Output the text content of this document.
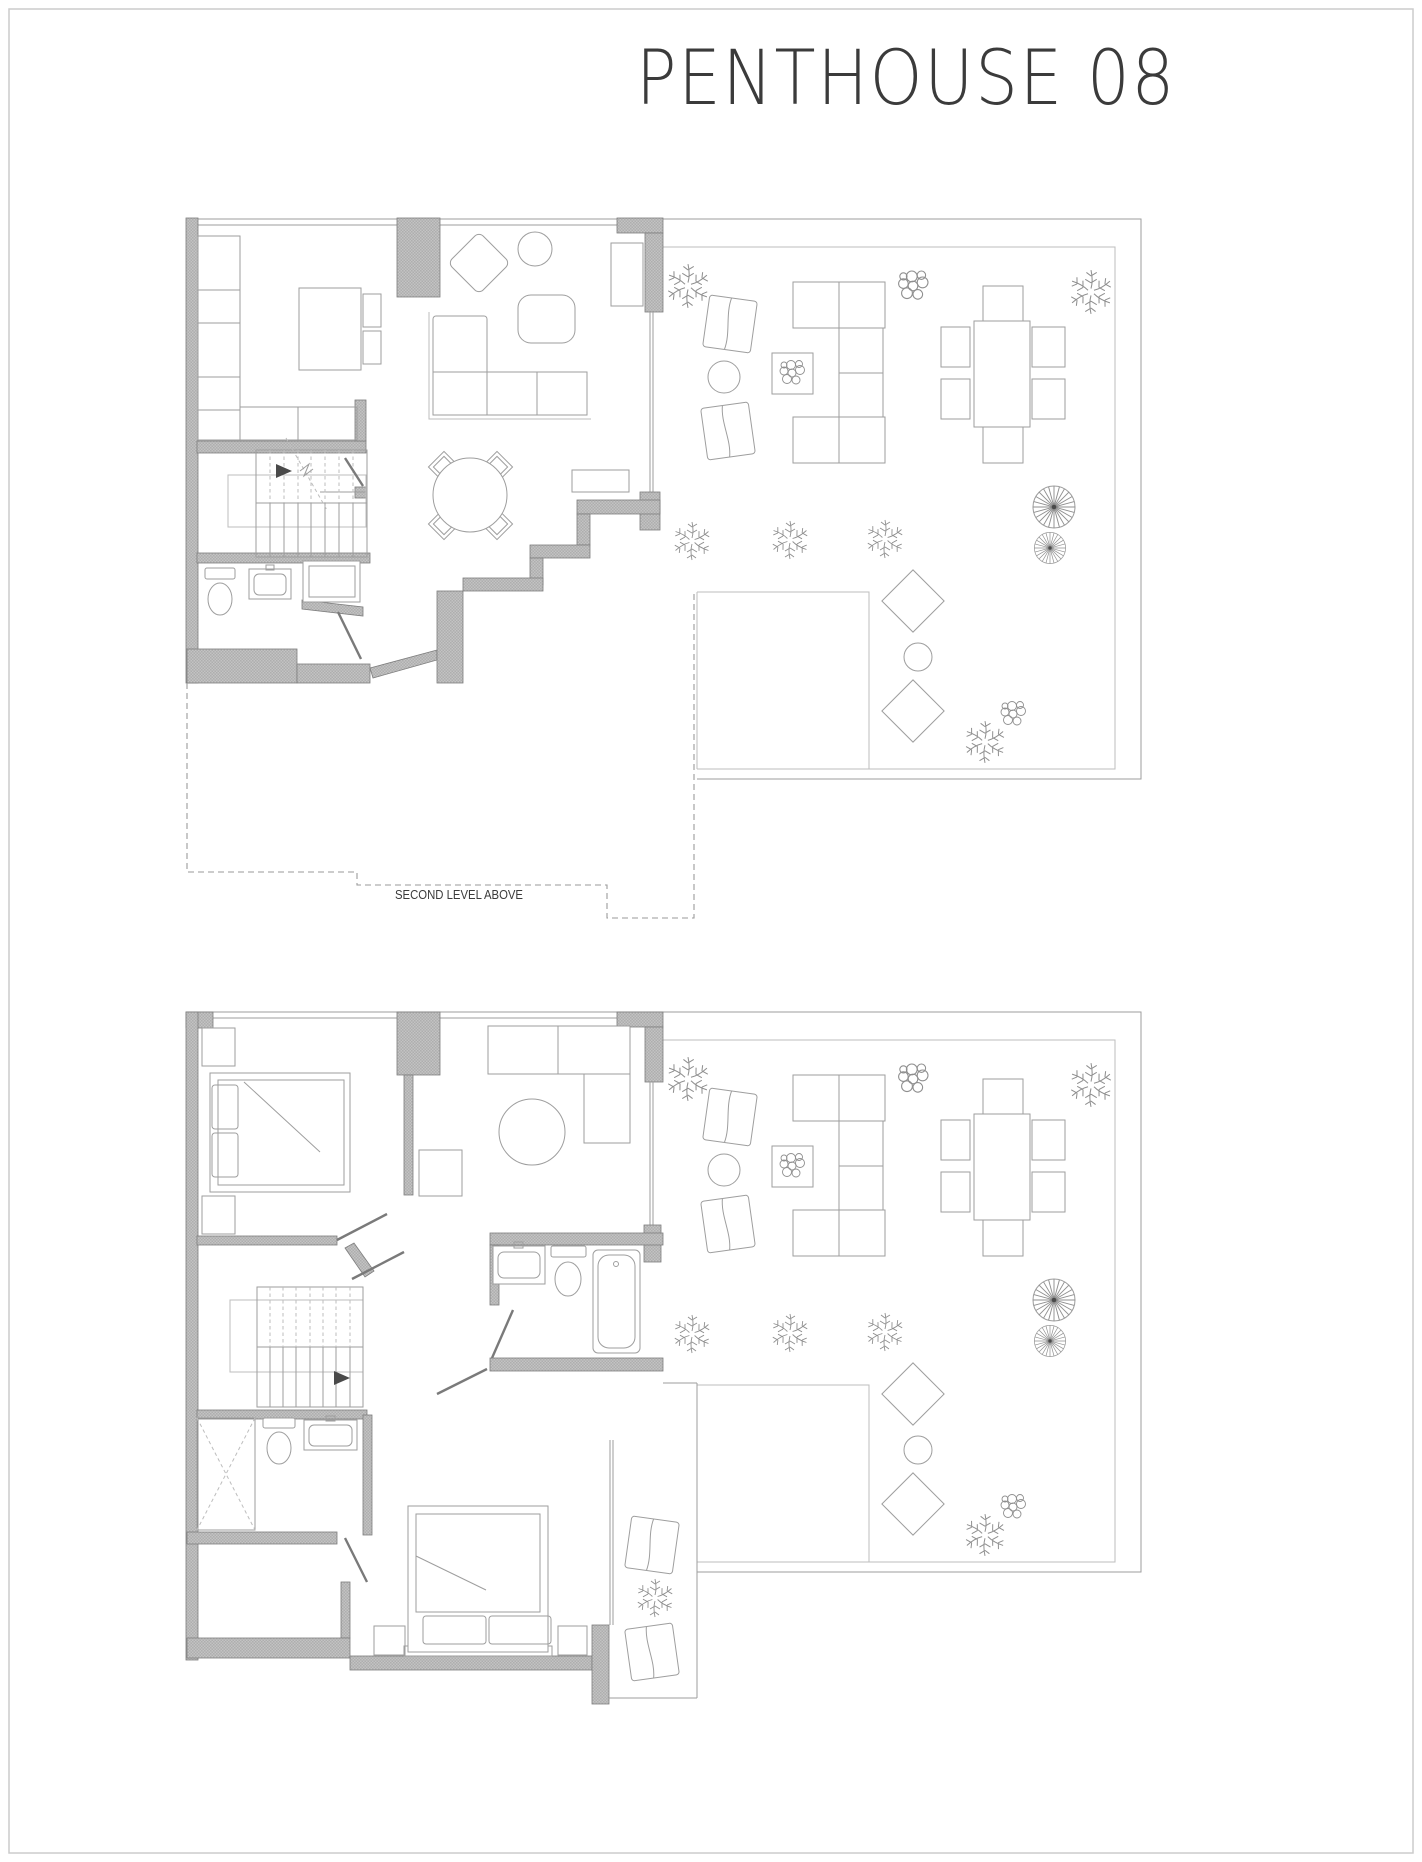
PENTHOUSE 08
SECOND LEVEL ABOVE
